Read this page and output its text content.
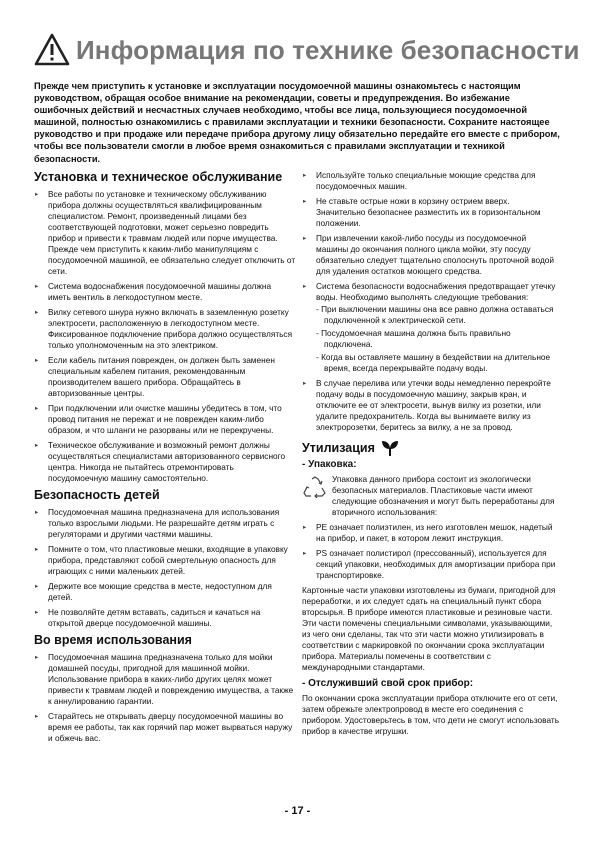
Информация по технике безопасности
Прежде чем приступить к установке и эксплуатации посудомоечной машины ознакомьтесь с настоящим руководством, обращая особое внимание на рекомендации, советы и предупреждения. Во избежание ошибочных действий и несчастных случаев необходимо, чтобы все лица, пользующиеся посудомоечной машиной, полностью ознакомились с правилами эксплуатации и техники безопасности. Сохраните настоящее руководство и при продаже или передаче прибора другому лицу обязательно передайте его вместе с прибором, чтобы все пользователи смогли в любое время ознакомиться с правилами эксплуатации и техникой безопасности.
Установка и техническое обслуживание
▸ Все работы по установке и техническому обслуживанию прибора должны осуществляться квалифицированным специалистом. Ремонт, произведенный лицами без соответствующей подготовки, может серьезно повредить прибор и привести к травмам людей или порче имущества. Прежде чем приступить к каким-либо манипуляциям с посудомоечной машиной, ее обязательно следует отключить от сети.
▸ Система водоснабжения посудомоечной машины должна иметь вентиль в легкодоступном месте.
▸ Вилку сетевого шнура нужно включать в заземленную розетку электросети, расположенную в легкодоступном месте. Фиксированное подключение прибора должно осуществляться только уполномоченным на это электриком.
▸ Если кабель питания поврежден, он должен быть заменен специальным кабелем питания, рекомендованным производителем вашего прибора. Обращайтесь в авторизованные центры.
▸ При подключении или очистке машины убедитесь в том, что провод питания не пережат и не поврежден каким-либо образом, и что шланги не разорваны или не перекручены.
▸ Техническое обслуживание и возможный ремонт должны осуществляться специалистами авторизованного сервисного центра. Никогда не пытайтесь отремонтировать посудомоечную машину самостоятельно.
Безопасность детей
▸ Посудомоечная машина предназначена для использования только взрослыми людьми. Не разрешайте детям играть с регуляторами и другими частями машины.
▸ Помните о том, что пластиковые мешки, входящие в упаковку прибора, представляют собой смертельную опасность для играющих с ними маленьких детей.
▸ Держите все моющие средства в месте, недоступном для детей.
▸ Не позволяйте детям вставать, садиться и качаться на открытой дверце посудомоечной машины.
Во время использования
▸ Посудомоечная машина предназначена только для мойки домашней посуды, пригодной для машинной мойки. Использование прибора в каких-либо других целях может привести к травмам людей и повреждению имущества, а также к аннулированию гарантии.
▸ Старайтесь не открывать дверцу посудомоечной машины во время ее работы, так как горячий пар может вырваться наружу и обжечь вас.
▸ Используйте только специальные моющие средства для посудомоечных машин.
▸ Не ставьте острые ножи в корзину острием вверх. Значительно безопаснее разместить их в горизонтальном положении.
▸ При извлечении какой-либо посуды из посудомоечной машины до окончания полного цикла мойки, эту посуду обязательно следует тщательно сполоснуть проточной водой для удаления остатков моющего средства.
▸ Система безопасности водоснабжения предотвращает утечку воды. Необходимо выполнять следующие требования:
- При выключении машины она все равно должна оставаться подключенной к электрической сети.
- Посудомоечная машина должна быть правильно подключена.
- Когда вы оставляете машину в бездействии на длительное время, всегда перекрывайте подачу воды.
▸ В случае перелива или утечки воды немедленно перекройте подачу воды в посудомоечную машину, закрыв кран, и отключите ее от электросети, вынув вилку из розетки, или удалите предохранитель. Когда вы вынимаете вилку из электророзетки, беритесь за вилку, а не за провод.
Утилизация
- Упаковка:

Упаковка данного прибора состоит из экологически безопасных материалов. Пластиковые части имеют следующие обозначения и могут быть переработаны для вторичного использования:

▸ PE означает полиэтилен, из него изготовлен мешок, надетый на прибор, и пакет, в котором лежит инструкция.
▸ PS означает полистирол (прессованный), используется для секций упаковки, необходимых для амортизации прибора при транспортировке.

Картонные части упаковки изготовлены из бумаги, пригодной для переработки, и их следует сдать на специальный пункт сбора вторсырья. В приборе имеются пластиковые и резиновые части. Эти части помечены специальными символами, указывающими, из чего они сделаны, так что эти части можно утилизировать в соответствии с маркировкой по окончании срока эксплуатации прибора. Материалы помечены в соответствии с международными стандартами.

- Отслуживший свой срок прибор:

По окончании срока эксплуатации прибора отключите его от сети, затем обрежьте электропровод в месте его соединения с прибором. Удостоверьтесь в том, что дети не смогут использовать прибор в качестве игрушки.

- 17 -
